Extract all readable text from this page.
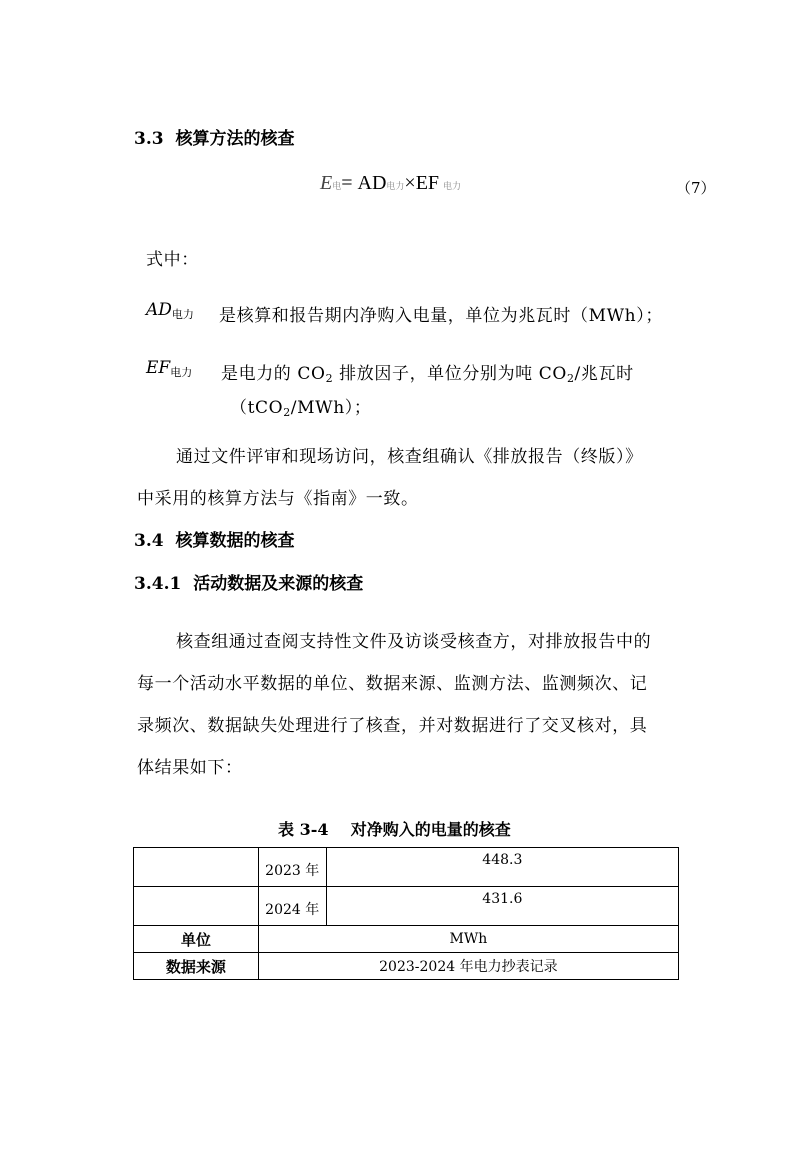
3.3 核算方法的核查
E电= AD电力×EF 电力	（7）
式中：
$AD_{电力}$ 是核算和报告期内净购入电量，单位为兆瓦时（MWh）；
$EF_{电力}$ 是电力的 $CO_2$ 排放因子，单位分别为吨 $CO_2/$兆瓦时
（tCO$_2$/MWh）；
通过文件评审和现场访问，核查组确认《排放报告（终版）》
中采用的核算方法与《指南》一致。
3.4 核算数据的核查
3.4.1 活动数据及来源的核查
核查组通过查阅支持性文件及访谈受核查方，对排放报告中的
每一个活动水平数据的单位、数据来源、监测方法、监测频次、记
录频次、数据缺失处理进行了核查，并对数据进行了交叉核对，具
体结果如下：
表 3-4    对净购入的电量的核查
	2023 年	448.3
	2024 年	431.6
单位	MWh	
数据来源	2023-2024 年电力抄表记录	
